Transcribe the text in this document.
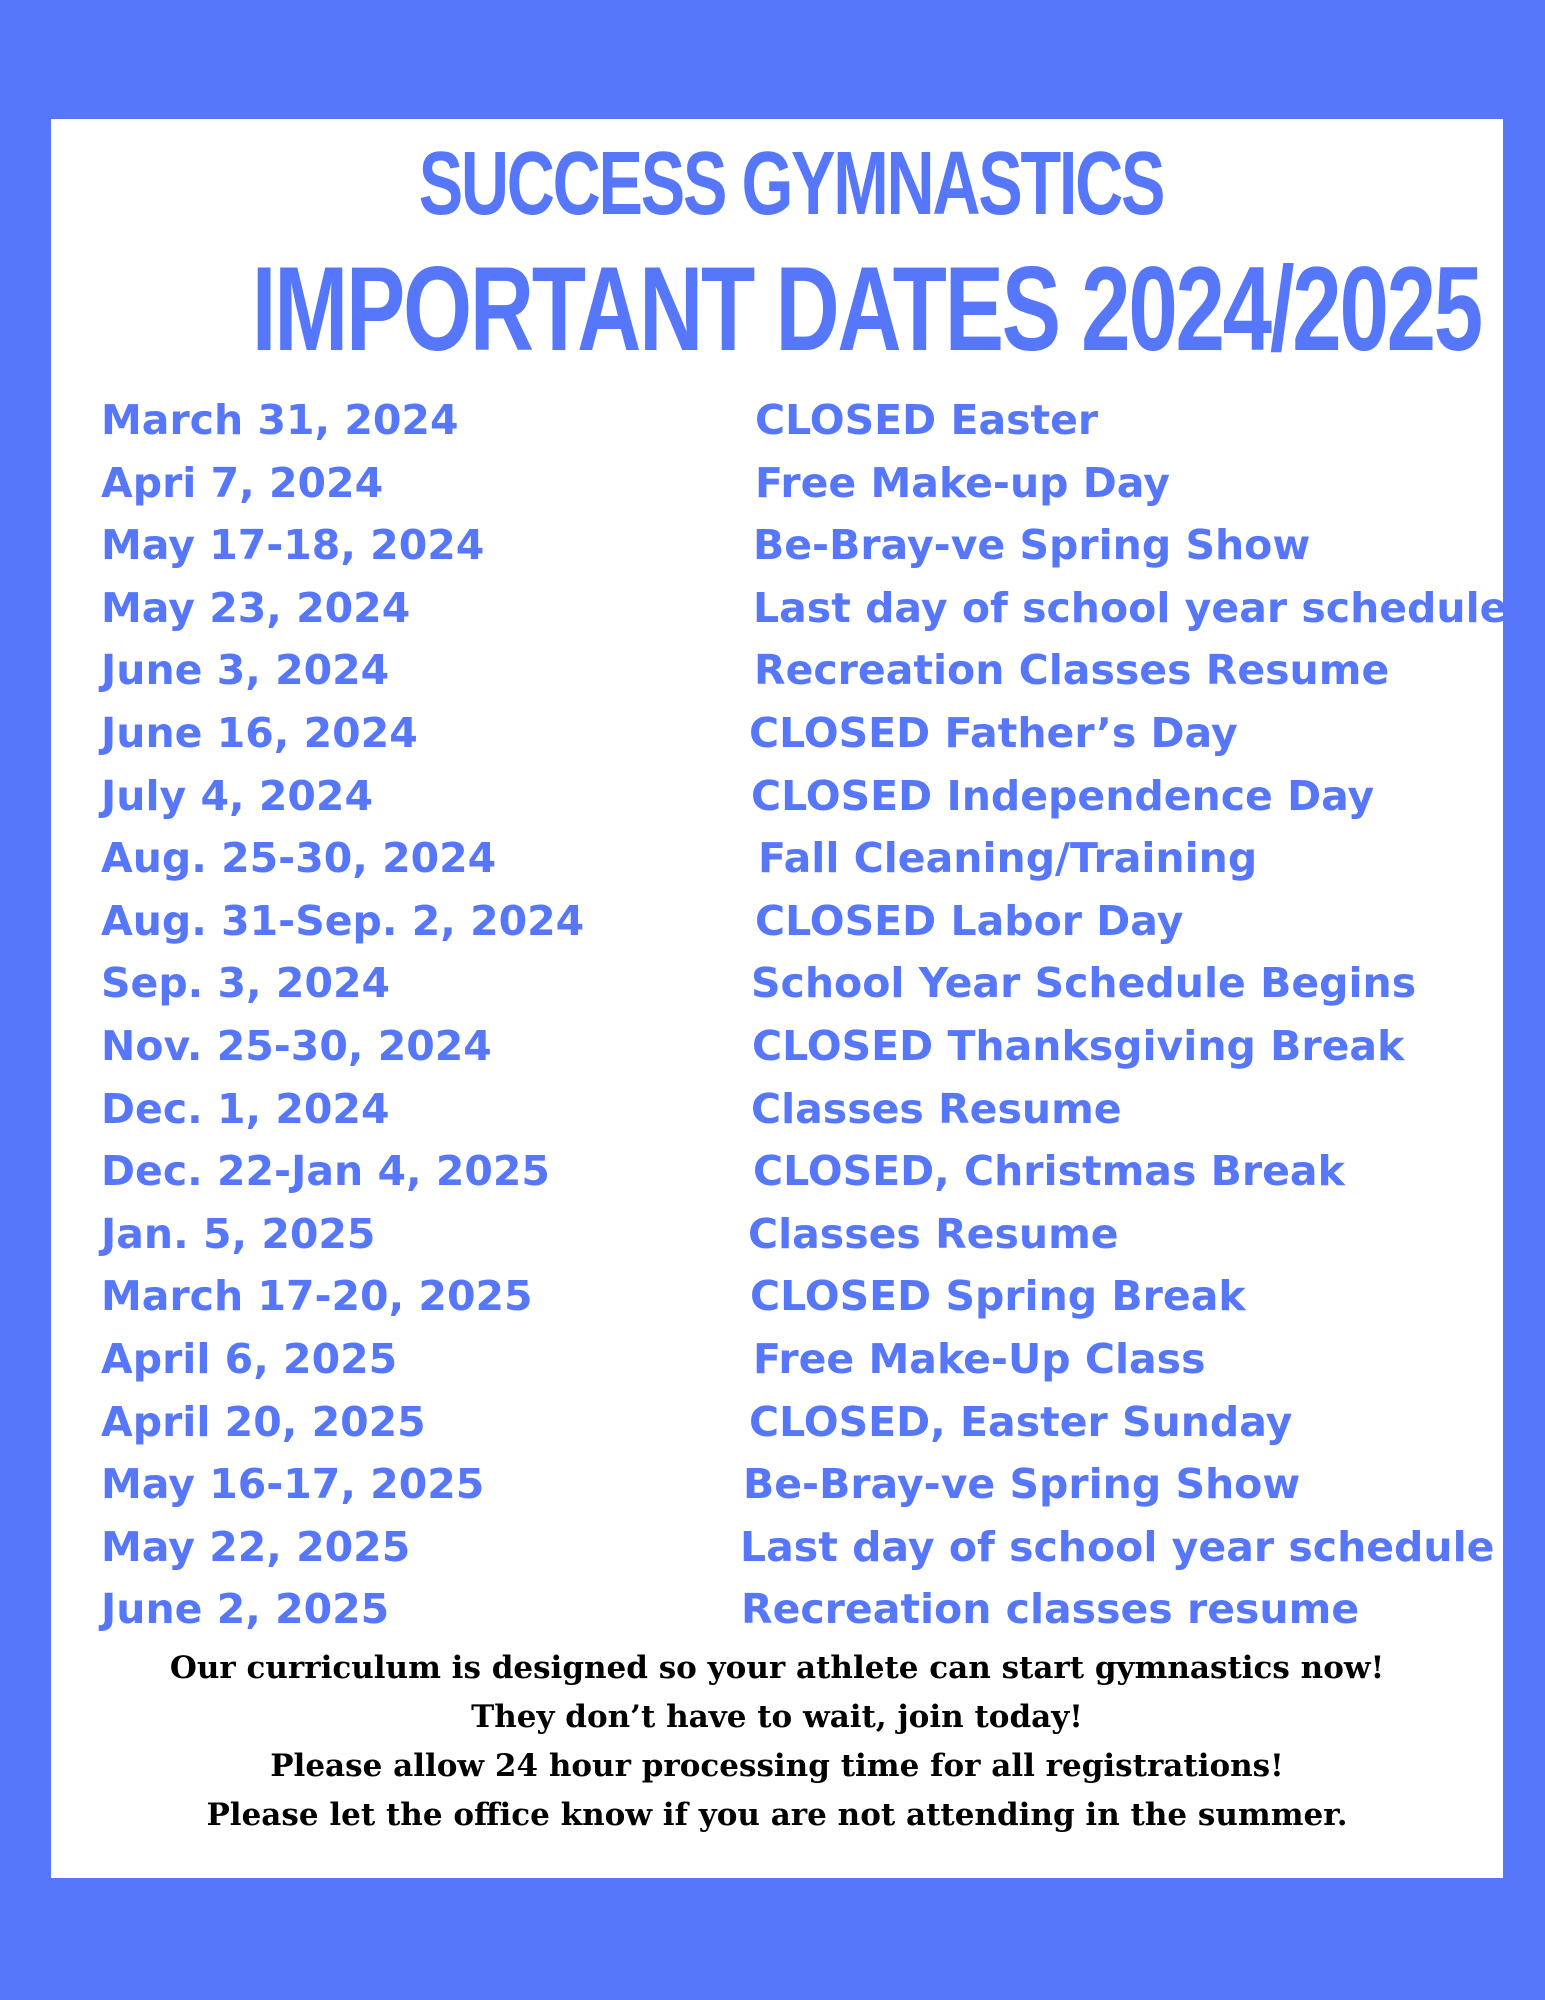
SUCCESS GYMNASTICS
IMPORTANT DATES 2024/2025
March 31, 2024	CLOSED Easter
Apri 7, 2024	Free Make-up Day
May 17-18, 2024	Be-Bray-ve Spring Show
May 23, 2024	Last day of school year schedule
June 3, 2024	Recreation Classes Resume
June 16, 2024	CLOSED Father’s Day
July 4, 2024	CLOSED Independence Day
Aug. 25-30, 2024	Fall Cleaning/Training
Aug. 31-Sep. 2, 2024	CLOSED Labor Day
Sep. 3, 2024	School Year Schedule Begins
Nov. 25-30, 2024	CLOSED Thanksgiving Break
Dec. 1, 2024	Classes Resume
Dec. 22-Jan 4, 2025	CLOSED, Christmas Break
Jan. 5, 2025	Classes Resume
March 17-20, 2025	CLOSED Spring Break
April 6, 2025	Free Make-Up Class
April 20, 2025	CLOSED, Easter Sunday
May 16-17, 2025	Be-Bray-ve Spring Show
May 22, 2025	Last day of school year schedule
June 2, 2025	Recreation classes resume
Our curriculum is designed so your athlete can start gymnastics now!
They don’t have to wait, join today!
Please allow 24 hour processing time for all registrations!
Please let the office know if you are not attending in the summer.
